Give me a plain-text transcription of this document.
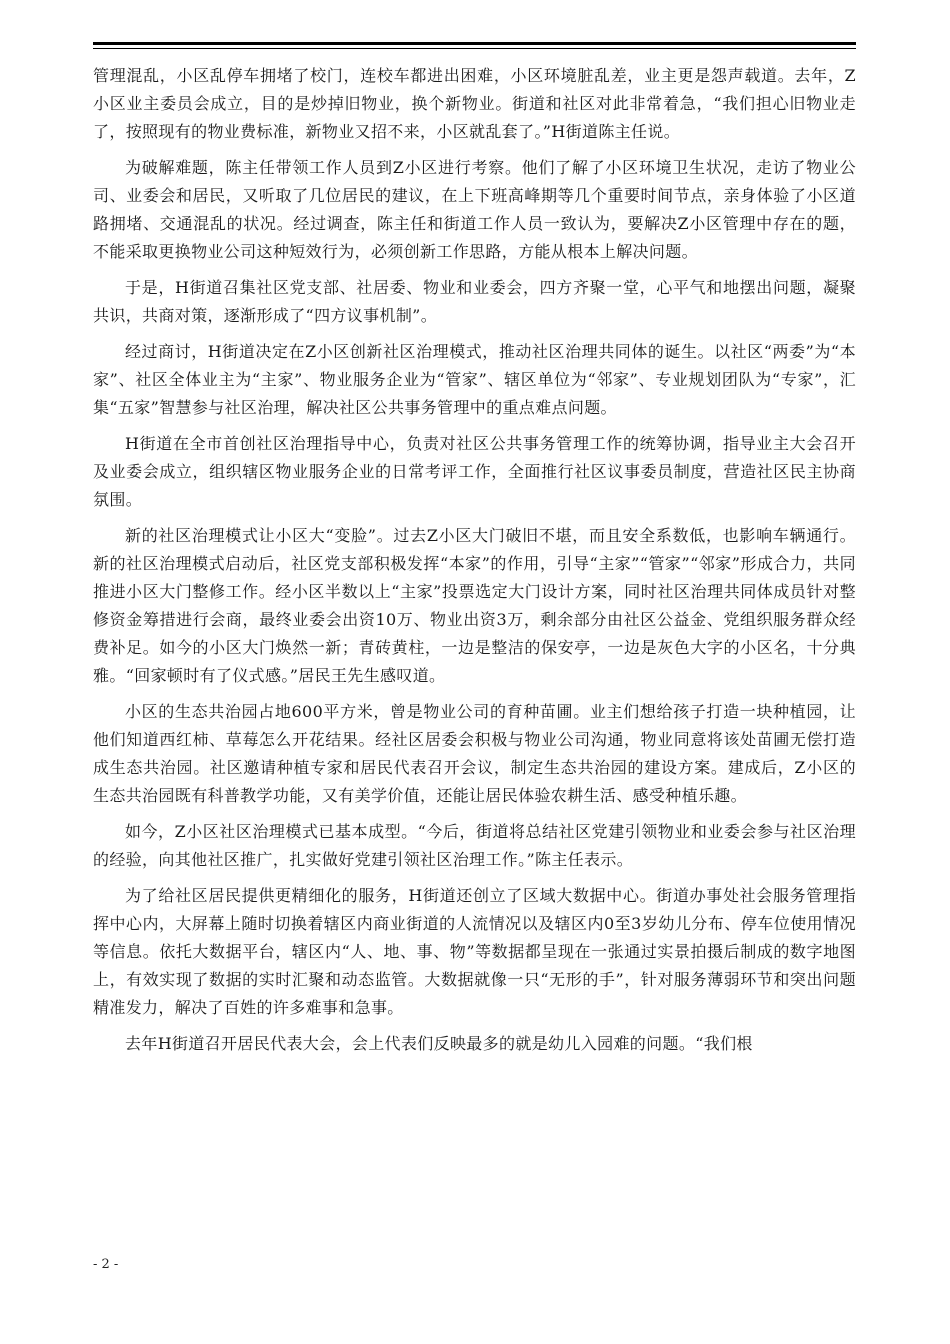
管理混乱，小区乱停车拥堵了校门，连校车都进出困难，小区环境脏乱差，业主更是怨声载道。去年，Z小区业主委员会成立，目的是炒掉旧物业，换个新物业。街道和社区对此非常着急，“我们担心旧物业走了，按照现有的物业费标准，新物业又招不来，小区就乱套了。”H街道陈主任说。

为破解难题，陈主任带领工作人员到Z小区进行考察。他们了解了小区环境卫生状况，走访了物业公司、业委会和居民，又听取了几位居民的建议，在上下班高峰期等几个重要时间节点，亲身体验了小区道路拥堵、交通混乱的状况。经过调查，陈主任和街道工作人员一致认为，要解决Z小区管理中存在的题，不能采取更换物业公司这种短效行为，必须创新工作思路，方能从根本上解决问题。

于是，H街道召集社区党支部、社居委、物业和业委会，四方齐聚一堂，心平气和地摆出问题，凝聚共识，共商对策，逐渐形成了“四方议事机制”。

经过商讨，H街道决定在Z小区创新社区治理模式，推动社区治理共同体的诞生。以社区“两委”为“本家”、社区全体业主为“主家”、物业服务企业为“管家”、辖区单位为“邻家”、专业规划团队为“专家”，汇集“五家”智慧参与社区治理，解决社区公共事务管理中的重点难点问题。

H街道在全市首创社区治理指导中心，负责对社区公共事务管理工作的统筹协调，指导业主大会召开及业委会成立，组织辖区物业服务企业的日常考评工作，全面推行社区议事委员制度，营造社区民主协商氛围。

新的社区治理模式让小区大“变脸”。过去Z小区大门破旧不堪，而且安全系数低，也影响车辆通行。新的社区治理模式启动后，社区党支部积极发挥“本家”的作用，引导“主家”“管家”“邻家”形成合力，共同推进小区大门整修工作。经小区半数以上“主家”投票选定大门设计方案，同时社区治理共同体成员针对整修资金筹措进行会商，最终业委会出资10万、物业出资3万，剩余部分由社区公益金、党组织服务群众经费补足。如今的小区大门焕然一新；青砖黄柱，一边是整洁的保安亭，一边是灰色大字的小区名，十分典雅。“回家顿时有了仪式感。”居民王先生感叹道。

小区的生态共治园占地600平方米，曾是物业公司的育种苗圃。业主们想给孩子打造一块种植园，让他们知道西红柿、草莓怎么开花结果。经社区居委会积极与物业公司沟通，物业同意将该处苗圃无偿打造成生态共治园。社区邀请种植专家和居民代表召开会议，制定生态共治园的建设方案。建成后，Z小区的生态共治园既有科普教学功能，又有美学价值，还能让居民体验农耕生活、感受种植乐趣。

如今，Z小区社区治理模式已基本成型。“今后，街道将总结社区党建引领物业和业委会参与社区治理的经验，向其他社区推广，扎实做好党建引领社区治理工作。”陈主任表示。

为了给社区居民提供更精细化的服务，H街道还创立了区域大数据中心。街道办事处社会服务管理指挥中心内，大屏幕上随时切换着辖区内商业街道的人流情况以及辖区内0至3岁幼儿分布、停车位使用情况等信息。依托大数据平台，辖区内“人、地、事、物”等数据都呈现在一张通过实景拍摄后制成的数字地图上，有效实现了数据的实时汇聚和动态监管。大数据就像一只“无形的手”，针对服务薄弱环节和突出问题精准发力，解决了百姓的许多难事和急事。

去年H街道召开居民代表大会，会上代表们反映最多的就是幼儿入园难的问题。“我们根

- 2 -
